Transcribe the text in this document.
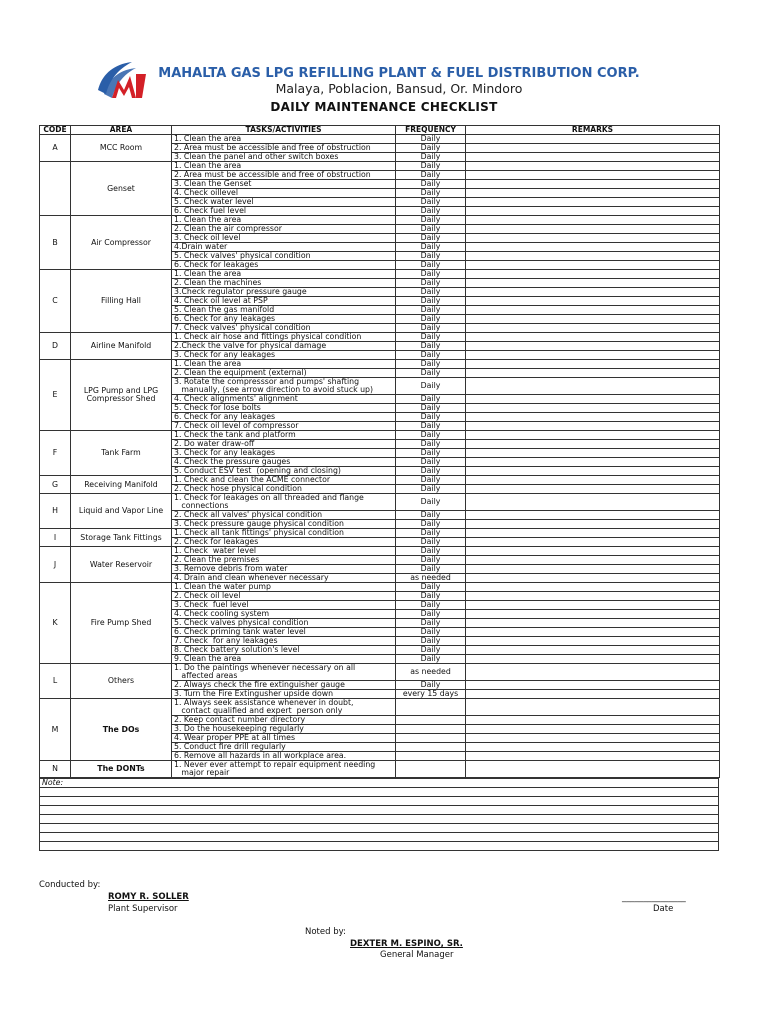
MAHALTA GAS LPG REFILLING PLANT & FUEL DISTRIBUTION CORP.
Malaya, Poblacion, Bansud, Or. Mindoro
DAILY MAINTENANCE CHECKLIST
CODE	AREA	TASKS/ACTIVITIES	FREQUENCY	REMARKS
A	MCC Room	1. Clean the area	Daily	
		2. Area must be accessible and free of obstruction	Daily	
		3. Clean the panel and other switch boxes	Daily	
	Genset	1. Clean the area	Daily	
		2. Area must be accessible and free of obstruction	Daily	
		3. Clean the Genset	Daily	
		4. Check oillevel	Daily	
		5. Check water level	Daily	
		6. Check fuel level	Daily	
B	Air Compressor	1. Clean the area	Daily	
		2. Clean the air compressor	Daily	
		3. Check oil level	Daily	
		4.Drain water	Daily	
		5. Check valves' physical condition	Daily	
		6. Check for leakages	Daily	
C	Filling Hall	1. Clean the area	Daily	
		2. Clean the machines	Daily	
		3.Check regulator pressure gauge	Daily	
		4. Check oil level at PSP	Daily	
		5. Clean the gas manifold	Daily	
		6. Check for any leakages	Daily	
		7. Check valves' physical condition	Daily	
D	Airline Manifold	1. Check air hose and fittings physical condition	Daily	
		2.Check the valve for physical damage	Daily	
		3. Check for any leakages	Daily	
E	LPG Pump and LPG
Compressor Shed	1. Clean the area	Daily	
		2. Clean the equipment (external)	Daily	
		3. Rotate the compresssor and pumps' shafting
manually, (see arrow direction to avoid stuck up)	Daily	
		4. Check alignments' alignment	Daily	
		5. Check for lose bolts	Daily	
		6. Check for any leakages	Daily	
		7. Check oil level of compressor	Daily	
F	Tank Farm	1. Check the tank and platform	Daily	
		2. Do water draw-off	Daily	
		3. Check for any leakages	Daily	
		4. Check the pressure gauges	Daily	
		5. Conduct ESV test  (opening and closing)	Daily	
G	Receiving Manifold	1. Check and clean the ACME connector	Daily	
		2. Check hose physical condition	Daily	
H	Liquid and Vapor Line	1. Check for leakages on all threaded and flange
connections	Daily	
		2. Check all valves' physical condition	Daily	
		3. Check pressure gauge physical condition	Daily	
I	Storage Tank Fittings	1. Check all tank fittings' physical condition	Daily	
		2. Check for leakages	Daily	
J	Water Reservoir	1. Check  water level	Daily	
		2. Clean the premises	Daily	
		3. Remove debris from water	Daily	
		4. Drain and clean whenever necessary	as needed	
K	Fire Pump Shed	1. Clean the water pump	Daily	
		2. Check oil level	Daily	
		3. Check  fuel level	Daily	
		4. Check cooling system	Daily	
		5. Check valves physical condition	Daily	
		6. Check priming tank water level	Daily	
		7. Check  for any leakages	Daily	
		8. Check battery solution's level	Daily	
		9. Clean the area	Daily	
L	Others	1. Do the paintings whenever necessary on all
affected areas	as needed	
		2. Always check the fire extinguisher gauge	Daily	
		3. Turn the Fire Extingusher upside down	every 15 days	
M	The DOs	1. Always seek assistance whenever in doubt,
contact qualified and expert  person only		
		2. Keep contact number directory		
		3. Do the housekeeping regularly		
		4. Wear proper PPE at all times		
		5. Conduct fire drill regularly		
		6. Remove all hazards in all workplace area.		
N	The DONTs	1. Never ever attempt to repair equipment needing
major repair		
Note:

Conducted by:
ROMY R. SOLLER
Plant Supervisor
_______________
Date
Noted by:
DEXTER M. ESPINO, SR.
General Manager
